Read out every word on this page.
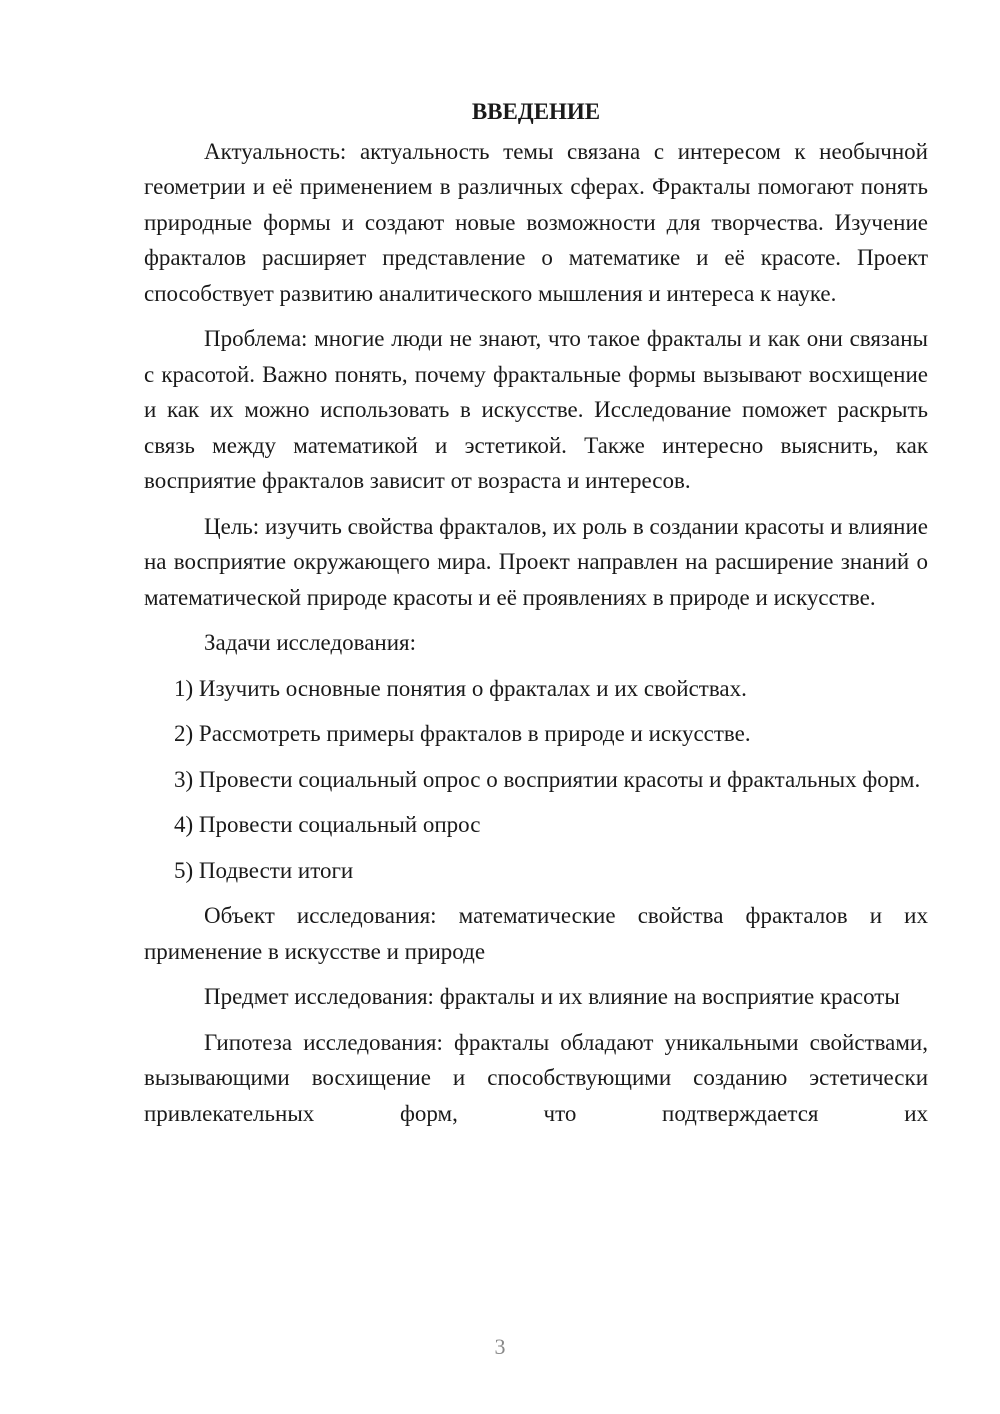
ВВЕДЕНИЕ

Актуальность: актуальность темы связана с интересом к необычной геометрии и её применением в различных сферах. Фракталы помогают понять природные формы и создают новые возможности для творчества. Изучение фракталов расширяет представление о математике и её красоте. Проект способствует развитию аналитического мышления и интереса к науке.

Проблема: многие люди не знают, что такое фракталы и как они связаны с красотой. Важно понять, почему фрактальные формы вызывают восхищение и как их можно использовать в искусстве. Исследование поможет раскрыть связь между математикой и эстетикой. Также интересно выяснить, как восприятие фракталов зависит от возраста и интересов.

Цель: изучить свойства фракталов, их роль в создании красоты и влияние на восприятие окружающего мира. Проект направлен на расширение знаний о математической природе красоты и её проявлениях в природе и искусстве.

Задачи исследования:

1) Изучить основные понятия о фракталах и их свойствах.

2) Рассмотреть примеры фракталов в природе и искусстве.

3) Провести социальный опрос о восприятии красоты и фрактальных форм.

4) Провести социальный опрос

5) Подвести итоги

Объект исследования: математические свойства фракталов и их применение в искусстве и природе

Предмет исследования: фракталы и их влияние на восприятие красоты

Гипотеза исследования: фракталы обладают уникальными свойствами, вызывающими восхищение и способствующими созданию эстетически привлекательных форм, что подтверждается их

3
